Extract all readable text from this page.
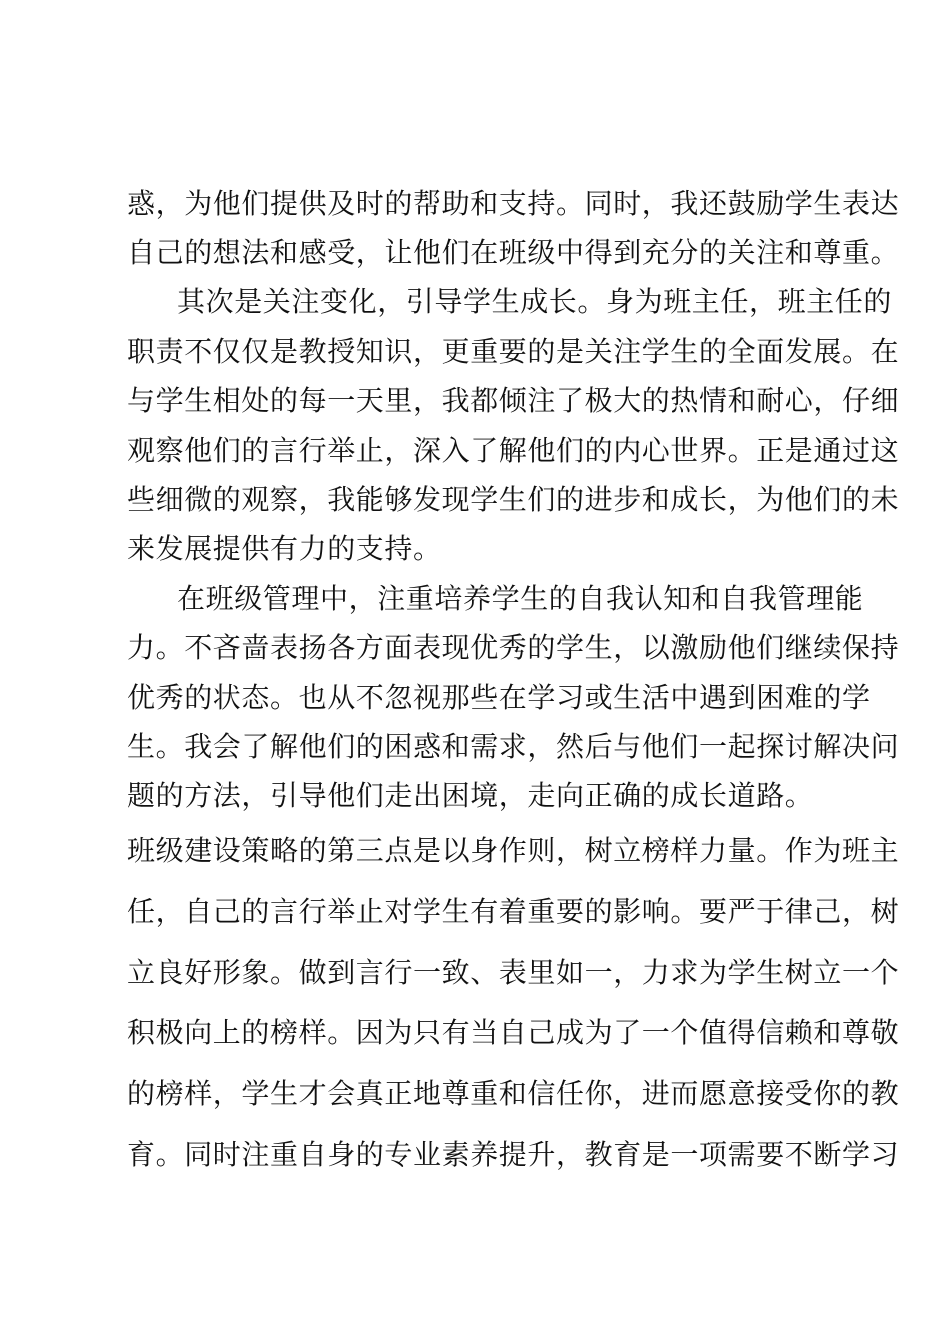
惑，为他们提供及时的帮助和支持。同时，我还鼓励学生表达
自己的想法和感受，让他们在班级中得到充分的关注和尊重。
其次是关注变化，引导学生成长。身为班主任，班主任的
职责不仅仅是教授知识，更重要的是关注学生的全面发展。在
与学生相处的每一天里，我都倾注了极大的热情和耐心，仔细
观察他们的言行举止，深入了解他们的内心世界。正是通过这
些细微的观察，我能够发现学生们的进步和成长，为他们的未
来发展提供有力的支持。
在班级管理中，注重培养学生的自我认知和自我管理能
力。不吝啬表扬各方面表现优秀的学生，以激励他们继续保持
优秀的状态。也从不忽视那些在学习或生活中遇到困难的学
生。我会了解他们的困惑和需求，然后与他们一起探讨解决问
题的方法，引导他们走出困境，走向正确的成长道路。
班级建设策略的第三点是以身作则，树立榜样力量。作为班主
任，自己的言行举止对学生有着重要的影响。要严于律己，树
立良好形象。做到言行一致、表里如一，力求为学生树立一个
积极向上的榜样。因为只有当自己成为了一个值得信赖和尊敬
的榜样，学生才会真正地尊重和信任你，进而愿意接受你的教
育。同时注重自身的专业素养提升，教育是一项需要不断学习
